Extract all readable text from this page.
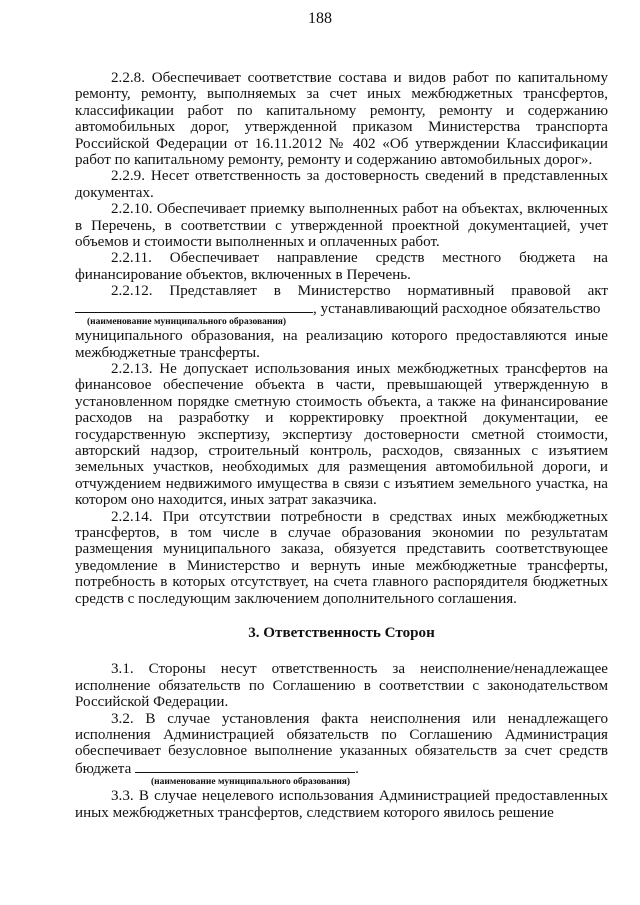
188

2.2.8. Обеспечивает соответствие состава и видов работ по капитальному ремонту, ремонту, выполняемых за счет иных межбюджетных трансфертов, классификации работ по капитальному ремонту, ремонту и содержанию автомобильных дорог, утвержденной приказом Министерства транспорта Российской Федерации от 16.11.2012 № 402 «Об утверждении Классификации работ по капитальному ремонту, ремонту и содержанию автомобильных дорог».

2.2.9. Несет ответственность за достоверность сведений в представленных документах.

2.2.10. Обеспечивает приемку выполненных работ на объектах, включенных в Перечень, в соответствии с утвержденной проектной документацией, учет объемов и стоимости выполненных и оплаченных работ.

2.2.11. Обеспечивает направление средств местного бюджета на финансирование объектов, включенных в Перечень.

2.2.12. Представляет в Министерство нормативный правовой акт

, устанавливающий расходное обязательство
(наименование муниципального образования)

муниципального образования, на реализацию которого предоставляются иные межбюджетные трансферты.

2.2.13. Не допускает использования иных межбюджетных трансфертов на финансовое обеспечение объекта в части, превышающей утвержденную в установленном порядке сметную стоимость объекта, а также на финансирование расходов на разработку и корректировку проектной документации, ее государственную экспертизу, экспертизу достоверности сметной стоимости, авторский надзор, строительный контроль, расходов, связанных с изъятием земельных участков, необходимых для размещения автомобильной дороги, и отчуждением недвижимого имущества в связи с изъятием земельного участка, на котором оно находится, иных затрат заказчика.

2.2.14. При отсутствии потребности в средствах иных межбюджетных трансфертов, в том числе в случае образования экономии по результатам размещения муниципального заказа, обязуется представить соответствующее уведомление в Министерство и вернуть иные межбюджетные трансферты, потребность в которых отсутствует, на счета главного распорядителя бюджетных средств с последующим заключением дополнительного соглашения.

3. Ответственность Сторон

3.1. Стороны несут ответственность за неисполнение/ненадлежащее исполнение обязательств по Соглашению в соответствии с законодательством Российской Федерации.

3.2. В случае установления факта неисполнения или ненадлежащего исполнения Администрацией обязательств по Соглашению Администрация обеспечивает безусловное выполнение указанных обязательств за счет средств бюджета	.

(наименование муниципального образования)

3.3. В случае нецелевого использования Администрацией предоставленных иных межбюджетных трансфертов, следствием которого явилось решение
